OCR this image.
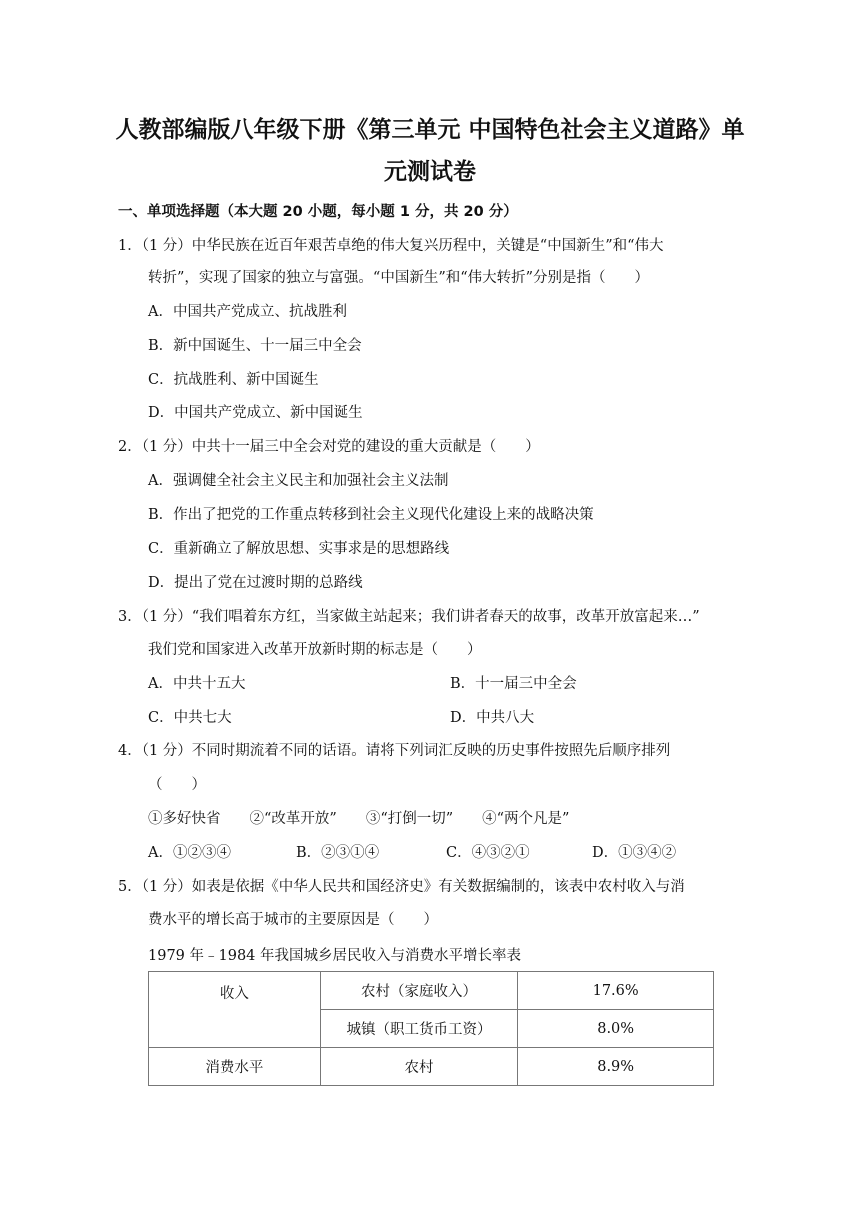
人教部编版八年级下册《第三单元 中国特色社会主义道路》单
元测试卷
一、单项选择题（本大题 20 小题，每小题 1 分，共 20 分）
1．（1 分）中华民族在近百年艰苦卓绝的伟大复兴历程中，关键是“中国新生”和“伟大
转折”，实现了国家的独立与富强。“中国新生”和“伟大转折”分别是指（　　）
A．中国共产党成立、抗战胜利
B．新中国诞生、十一届三中全会
C．抗战胜利、新中国诞生
D．中国共产党成立、新中国诞生
2．（1 分）中共十一届三中全会对党的建设的重大贡献是（　　）
A．强调健全社会主义民主和加强社会主义法制
B．作出了把党的工作重点转移到社会主义现代化建设上来的战略决策
C．重新确立了解放思想、实事求是的思想路线
D．提出了党在过渡时期的总路线
3．（1 分）“我们唱着东方红，当家做主站起来；我们讲者春天的故事，改革开放富起来…”
我们党和国家进入改革开放新时期的标志是（　　）
A．中共十五大	B．十一届三中全会
C．中共七大	D．中共八大
4．（1 分）不同时期流着不同的话语。请将下列词汇反映的历史事件按照先后顺序排列
（　　）
①多好快省　　②“改革开放”　　③“打倒一切”　　④“两个凡是”
A．①②③④	B．②③①④	C．④③②①	D．①③④②
5．（1 分）如表是依据《中华人民共和国经济史》有关数据编制的，该表中农村收入与消
费水平的增长高于城市的主要原因是（　　）
1979 年﹣1984 年我国城乡居民收入与消费水平增长率表
收入	农村（家庭收入）	17.6%
	城镇（职工货币工资）	8.0%
消费水平	农村	8.9%
